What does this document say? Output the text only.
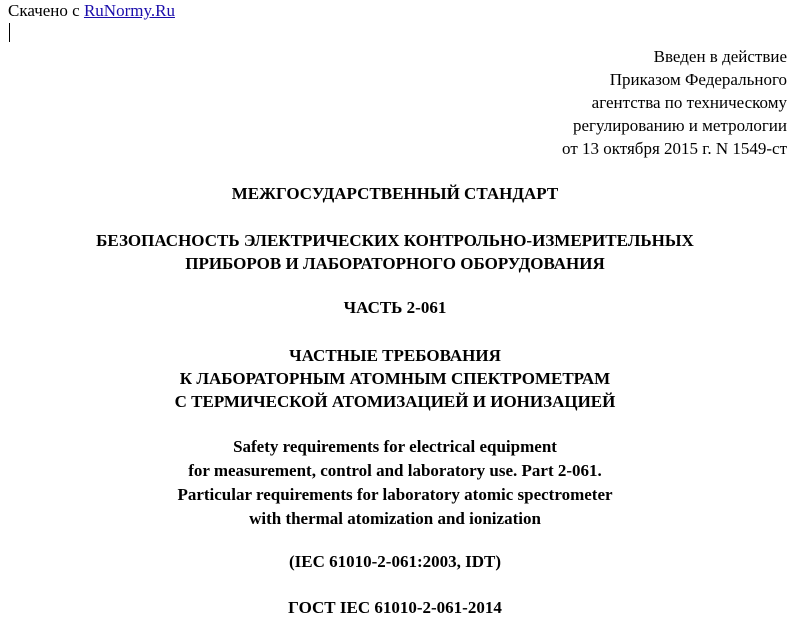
Скачено с RuNormy.Ru
Введен в действие
Приказом Федерального
агентства по техническому
регулированию и метрологии
от 13 октября 2015 г. N 1549-ст
МЕЖГОСУДАРСТВЕННЫЙ СТАНДАРТ
БЕЗОПАСНОСТЬ ЭЛЕКТРИЧЕСКИХ КОНТРОЛЬНО-ИЗМЕРИТЕЛЬНЫХ
ПРИБОРОВ И ЛАБОРАТОРНОГО ОБОРУДОВАНИЯ
ЧАСТЬ 2-061
ЧАСТНЫЕ ТРЕБОВАНИЯ
К ЛАБОРАТОРНЫМ АТОМНЫМ СПЕКТРОМЕТРАМ
С ТЕРМИЧЕСКОЙ АТОМИЗАЦИЕЙ И ИОНИЗАЦИЕЙ
Safety requirements for electrical equipment
for measurement, control and laboratory use. Part 2-061.
Particular requirements for laboratory atomic spectrometer
with thermal atomization and ionization
(IEC 61010-2-061:2003, IDT)
ГОСТ IEC 61010-2-061-2014
